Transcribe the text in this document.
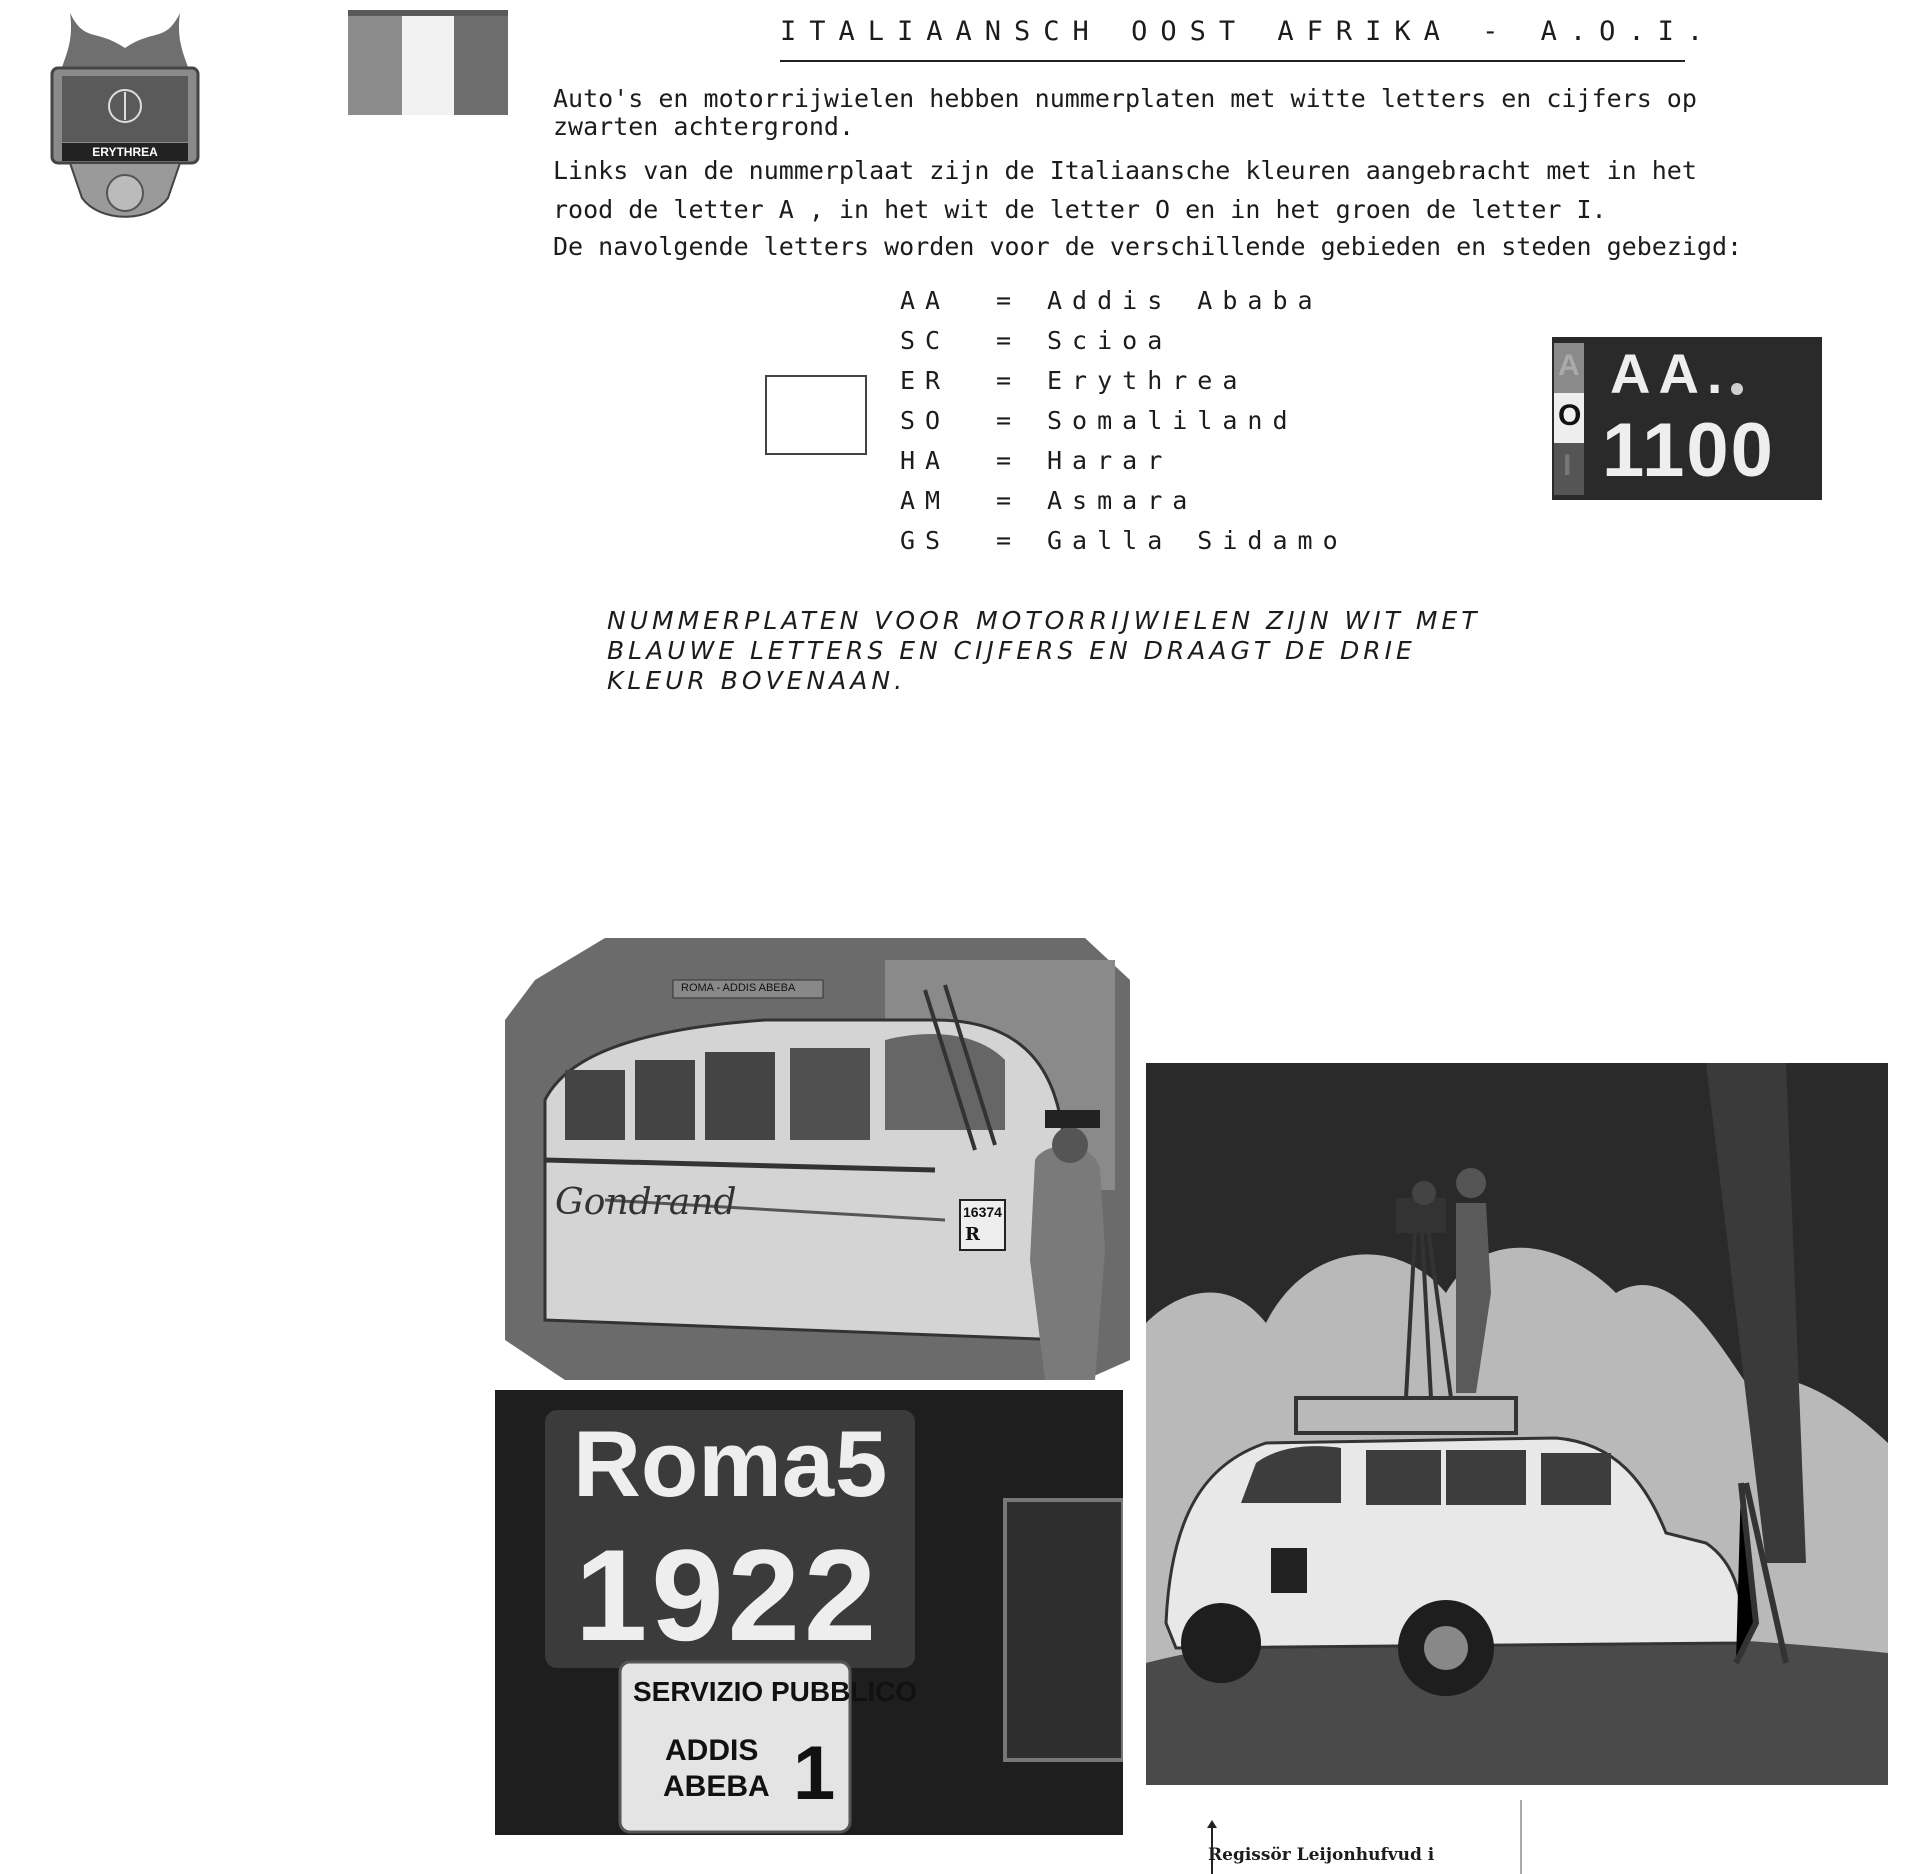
ITALIAANSCH OOST AFRIKA - A.O.I.
Auto's en motorrijwielen hebben nummerplaten met witte letters en cijfers op
zwarten achtergrond.
Links van de nummerplaat zijn de Italiaansche kleuren aangebracht met in het
rood de letter A , in het wit de letter O en in het groen de letter I.
De navolgende letters worden voor de verschillende gebieden en steden gebezigd:
ERYTHREA
AA = Addis Ababa
SC = Scioa
ER = Erythrea
SO = Somaliland
HA = Harar
AM = Asmara
GS = Galla Sidamo
A
O
I
AA.
1100
NUMMERPLATEN VOOR MOTORRIJWIELEN ZIJN WIT MET
BLAUWE LETTERS EN CIJFERS EN DRAAGT DE DRIE
KLEUR BOVENAAN.
ROMA - ADDIS ABEBA
Gondrand	16374
R
Roma 5
1922
SERVIZIO PUBBLICO
ADDIS
ABEBA 1
Regissör Leijonhufvud i
